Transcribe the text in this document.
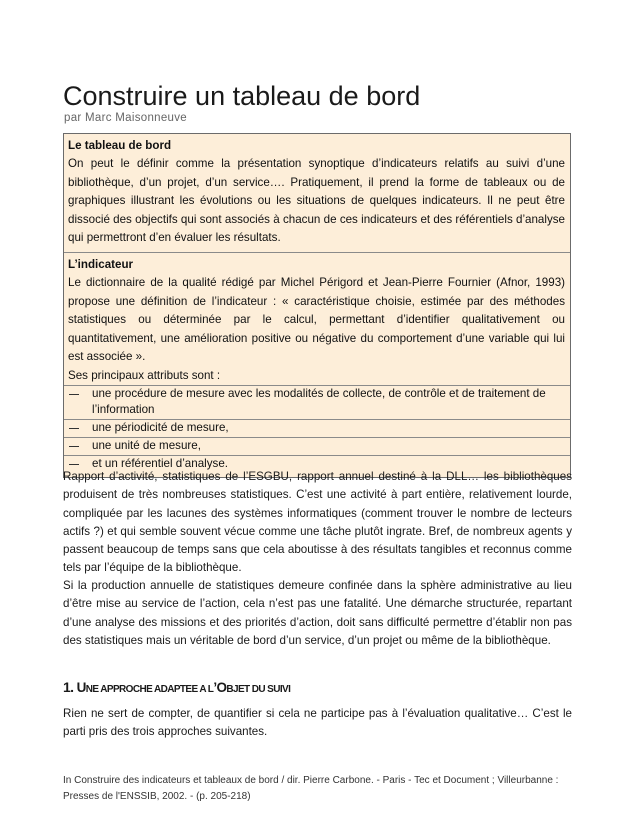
Construire un tableau de bord
par Marc Maisonneuve
Le tableau de bord

On peut le définir comme la présentation synoptique d’indicateurs relatifs au suivi d’une bibliothèque, d’un projet, d’un service…. Pratiquement, il prend la forme de tableaux ou de graphiques illustrant les évolutions ou les situations de quelques indicateurs. Il ne peut être dissocié des objectifs qui sont associés à chacun de ces indicateurs et des référentiels d’analyse qui permettront d’en évaluer les résultats.

L’indicateur

Le dictionnaire de la qualité rédigé par Michel Périgord et Jean-Pierre Fournier (Afnor, 1993) propose une définition de l’indicateur : « caractéristique choisie, estimée par des méthodes statistiques ou déterminée par le calcul, permettant d’identifier qualitativement ou quantitativement, une amélioration positive ou négative du comportement d’une variable qui lui est associée ».

Ses principaux attributs sont :

une procédure de mesure avec les modalités de collecte, de contrôle et de traitement de l’information
une périodicité de mesure,
une unité de mesure,
et un référentiel d’analyse.

Rapport d’activité, statistiques de l’ESGBU, rapport annuel destiné à la DLL… les bibliothèques produisent de très nombreuses statistiques. C’est une activité à part entière, relativement lourde, compliquée par les lacunes des systèmes informatiques (comment trouver le nombre de lecteurs actifs ?) et qui semble souvent vécue comme une tâche plutôt ingrate. Bref, de nombreux agents y passent beaucoup de temps sans que cela aboutisse à des résultats tangibles et reconnus comme tels par l’équipe de la bibliothèque.

Si la production annuelle de statistiques demeure confinée dans la sphère administrative au lieu d’être mise au service de l’action, cela n’est pas une fatalité. Une démarche structurée, repartant d’une analyse des missions et des priorités d’action, doit sans difficulté permettre d’établir non pas des statistiques mais un véritable de bord d’un service, d’un projet ou même de la bibliothèque.

1. UNE APPROCHE ADAPTEE A L’OBJET DU SUIVI

Rien ne sert de compter, de quantifier si cela ne participe pas à l’évaluation qualitative… C’est le parti pris des trois approches suivantes.

In Construire des indicateurs et tableaux de bord / dir. Pierre Carbone. - Paris - Tec et Document ; Villeurbanne : Presses de l'ENSSIB, 2002. - (p. 205-218)
